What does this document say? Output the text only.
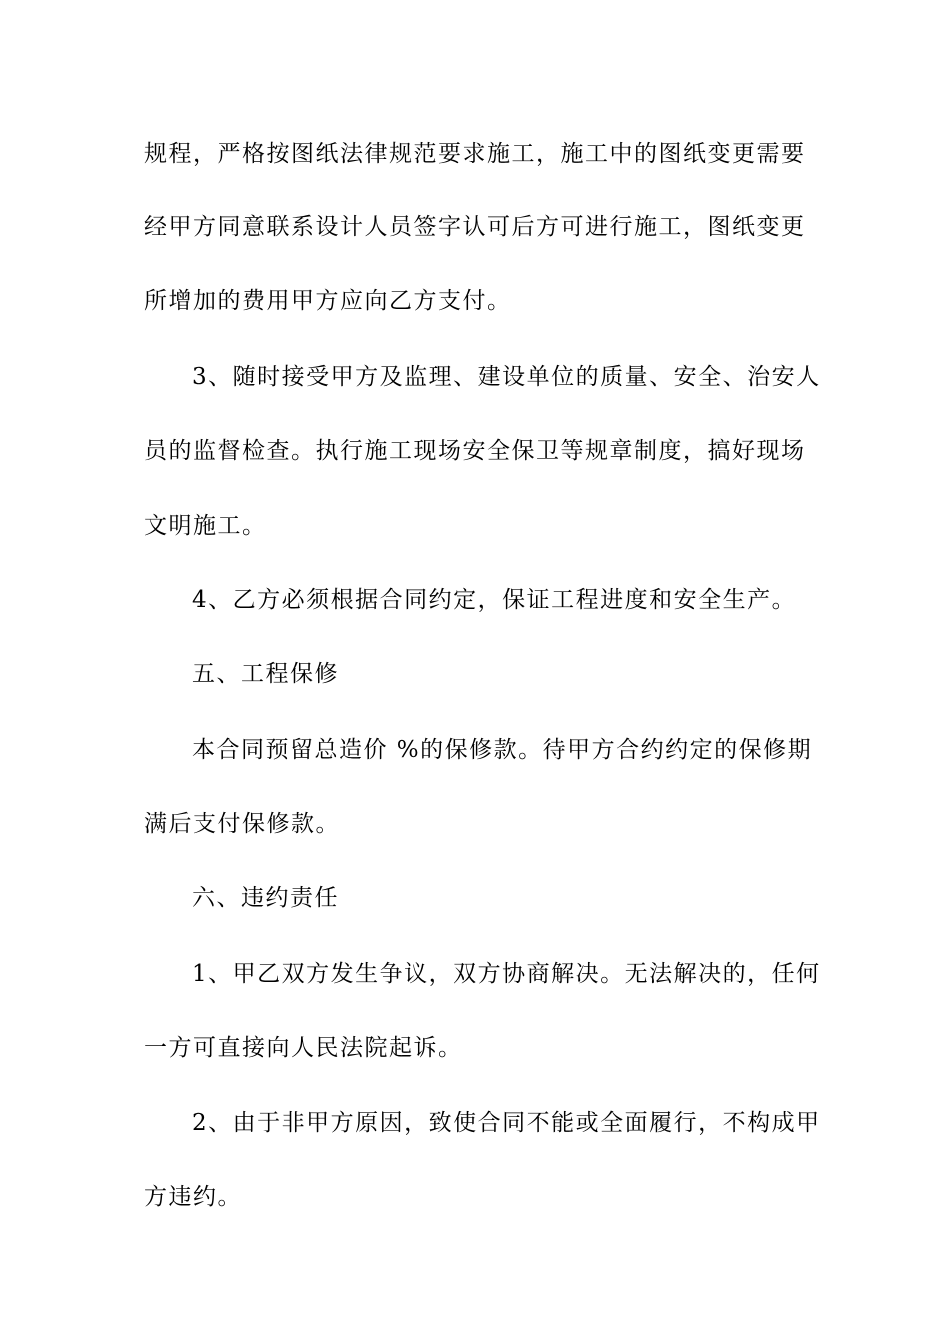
规程，严格按图纸法律规范要求施工，施工中的图纸变更需要
经甲方同意联系设计人员签字认可后方可进行施工，图纸变更
所增加的费用甲方应向乙方支付。
3、随时接受甲方及监理、建设单位的质量、安全、治安人
员的监督检查。执行施工现场安全保卫等规章制度，搞好现场
文明施工。
4、乙方必须根据合同约定，保证工程进度和安全生产。
五、工程保修
本合同预留总造价 %的保修款。待甲方合约约定的保修期
满后支付保修款。
六、违约责任
1、甲乙双方发生争议，双方协商解决。无法解决的，任何
一方可直接向人民法院起诉。
2、由于非甲方原因，致使合同不能或全面履行，不构成甲
方违约。
